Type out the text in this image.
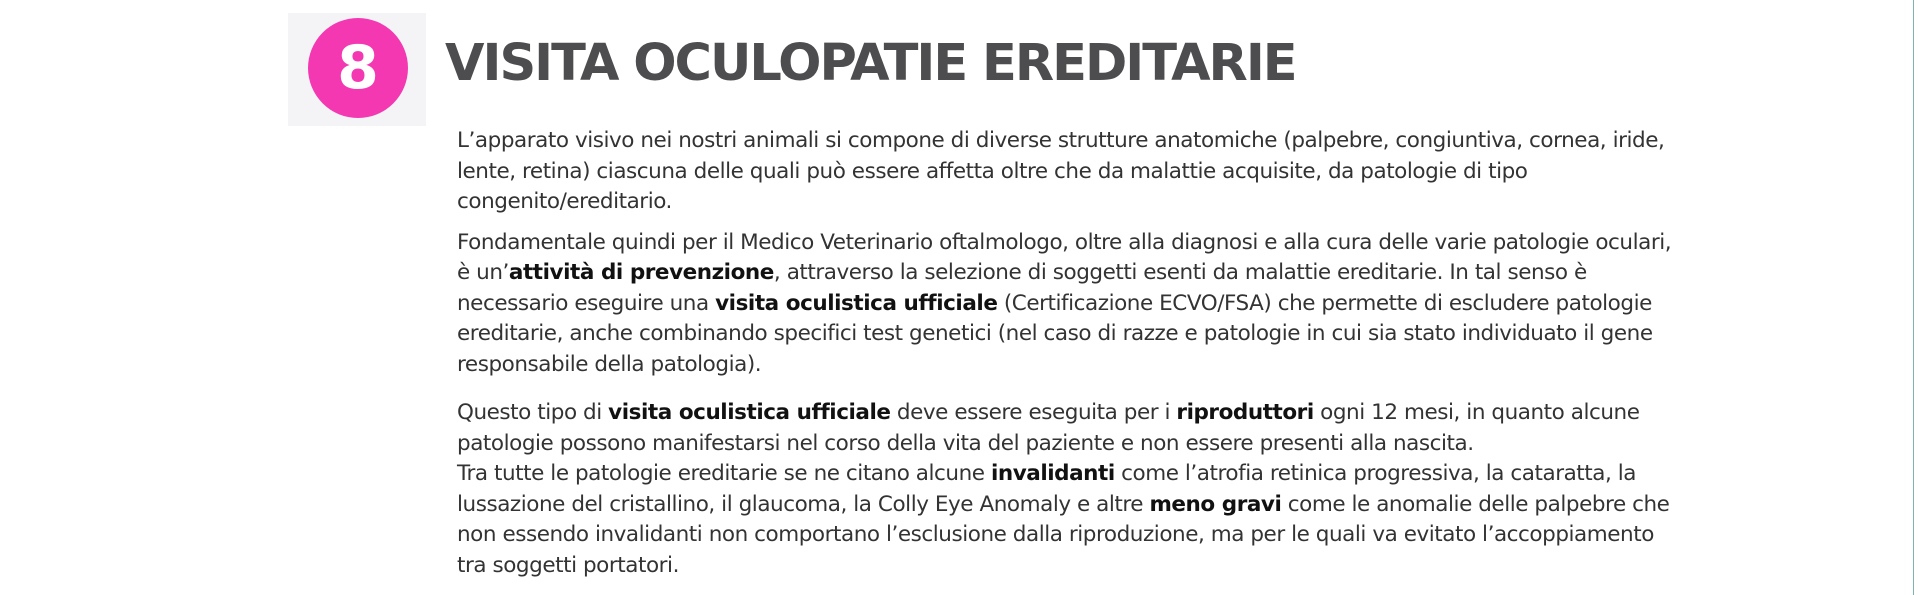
8	VISITA OCULOPATIE EREDITARIE

L’apparato visivo nei nostri animali si compone di diverse strutture anatomiche (palpebre, congiuntiva, cornea, iride, lente, retina) ciascuna delle quali può essere affetta oltre che da malattie acquisite, da patologie di tipo congenito/ereditario.

Fondamentale quindi per il Medico Veterinario oftalmologo, oltre alla diagnosi e alla cura delle varie patologie oculari, è un’attività di prevenzione, attraverso la selezione di soggetti esenti da malattie ereditarie. In tal senso è necessario eseguire una visita oculistica ufficiale (Certificazione ECVO/FSA) che permette di escludere patologie ereditarie, anche combinando specifici test genetici (nel caso di razze e patologie in cui sia stato individuato il gene responsabile della patologia).

Questo tipo di visita oculistica ufficiale deve essere eseguita per i riproduttori ogni 12 mesi, in quanto alcune patologie possono manifestarsi nel corso della vita del paziente e non essere presenti alla nascita.
Tra tutte le patologie ereditarie se ne citano alcune invalidanti come l’atrofia retinica progressiva, la cataratta, la lussazione del cristallino, il glaucoma, la Colly Eye Anomaly e altre meno gravi come le anomalie delle palpebre che non essendo invalidanti non comportano l’esclusione dalla riproduzione, ma per le quali va evitato l’accoppiamento tra soggetti portatori.
